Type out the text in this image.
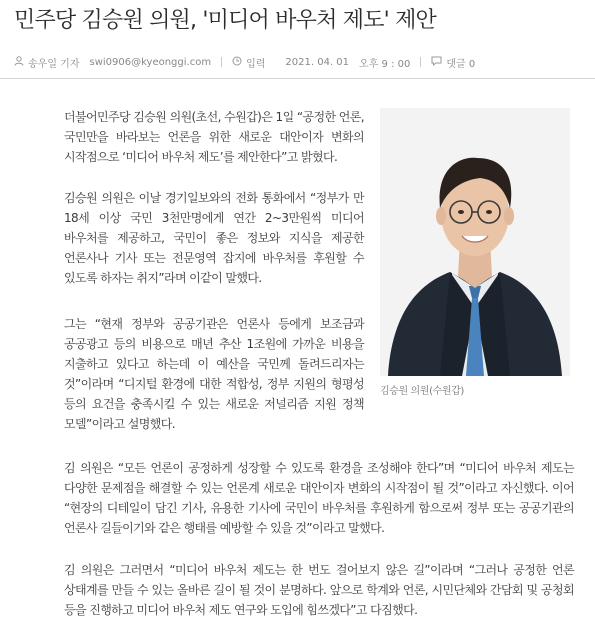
민주당 김승원 의원, '미디어 바우처 제도' 제안
송우일 기자 swi0906@kyeonggi.com	입력 2021. 04. 01 오후 9 : 00	댓글 0

더불어민주당 김승원 의원(초선, 수원갑)은 1일 “공정한 언론, 국민만을 바라보는 언론을 위한 새로운 대안이자 변화의 시작점으로 ‘미디어 바우처 제도’를 제안한다”고 밝혔다.

김승원 의원은 이날 경기일보와의 전화 통화에서 “정부가 만 18세 이상 국민 3천만명에게 연간 2~3만원씩 미디어 바우처를 제공하고, 국민이 좋은 정보와 지식을 제공한 언론사나 기사 또는 전문영역 잡지에 바우처를 후원할 수 있도록 하자는 취지”라며 이같이 말했다.

그는 “현재 정부와 공공기관은 언론사 등에게 보조금과 공공광고 등의 비용으로 매년 추산 1조원에 가까운 비용을 지출하고 있다고 하는데 이 예산을 국민께 돌려드리자는 것”이라며 “디지털 환경에 대한 적합성, 정부 지원의 형평성 등의 요건을 충족시킬 수 있는 새로운 저널리즘 지원 정책 모델”이라고 설명했다.

김 의원은 “모든 언론이 공정하게 성장할 수 있도록 환경을 조성해야 한다”며 “미디어 바우처 제도는 다양한 문제점을 해결할 수 있는 언론계 새로운 대안이자 변화의 시작점이 될 것”이라고 자신했다. 이어 “현장의 디테일이 담긴 기사, 유용한 기사에 국민이 바우처를 후원하게 함으로써 정부 또는 공공기관의 언론사 길들이기와 같은 행태를 예방할 수 있을 것”이라고 말했다.

김 의원은 그러면서 “미디어 바우처 제도는 한 번도 걸어보지 않은 길”이라며 “그러나 공정한 언론 상태계를 만들 수 있는 올바른 길이 될 것이 분명하다. 앞으로 학계와 언론, 시민단체와 간담회 및 공청회 등을 진행하고 미디어 바우처 제도 연구와 도입에 힘쓰겠다”고 다짐했다.

김승원 의원(수원갑)
